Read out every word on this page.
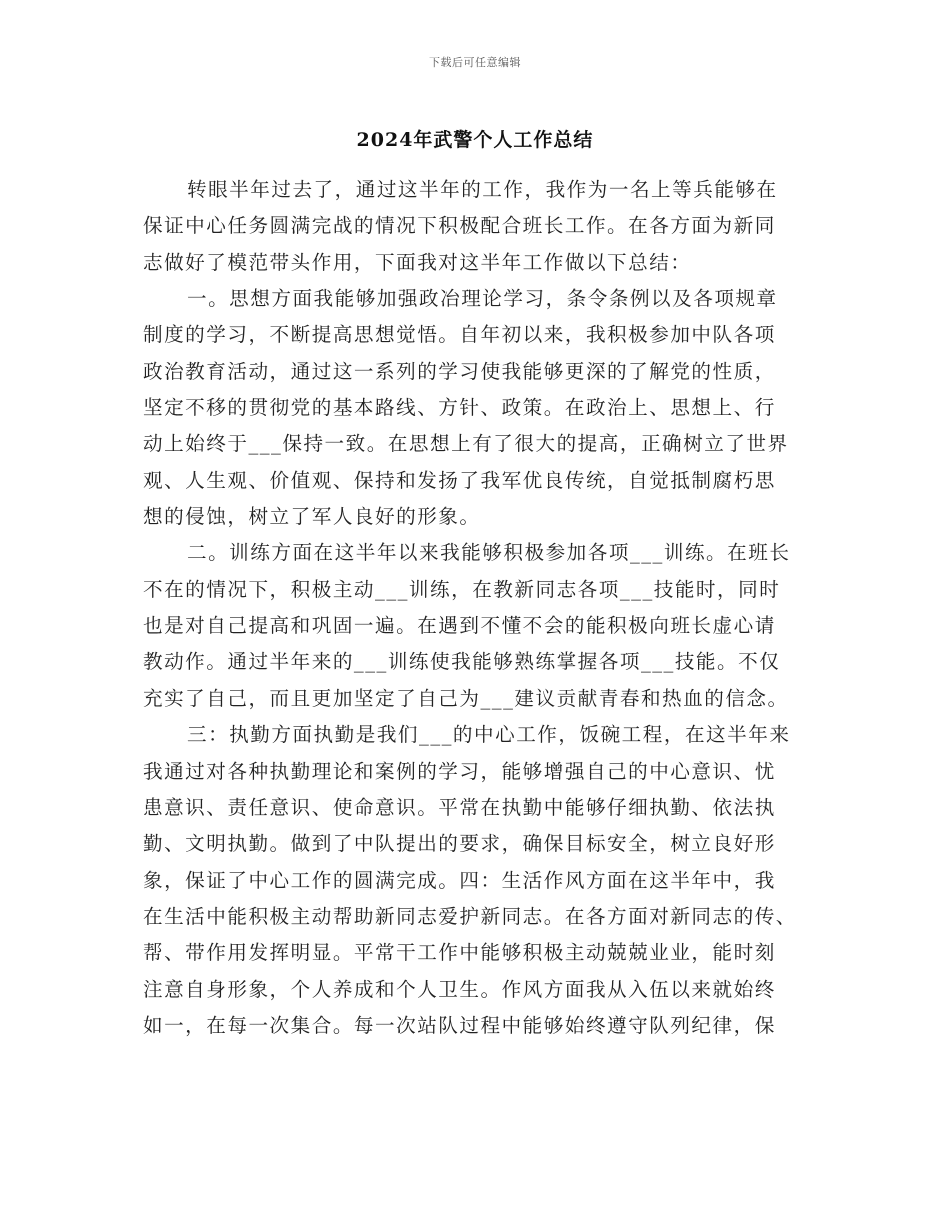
下载后可任意编辑
2024年武警个人工作总结
转眼半年过去了，通过这半年的工作，我作为一名上等兵能够在
保证中心任务圆满完战的情况下积极配合班长工作。在各方面为新同
志做好了模范带头作用，下面我对这半年工作做以下总结：
一。思想方面我能够加强政冶理论学习，条令条例以及各项规章
制度的学习，不断提高思想觉悟。自年初以来，我积极参加中队各项
政治教育活动，通过这一系列的学习使我能够更深的了解党的性质，
坚定不移的贯彻党的基本路线、方针、政策。在政治上、思想上、行
动上始终于___保持一致。在思想上有了很大的提高，正确树立了世界
观、人生观、价值观、保持和发扬了我军优良传统，自觉抵制腐朽思
想的侵蚀，树立了军人良好的形象。
二。训练方面在这半年以来我能够积极参加各项___训练。在班长
不在的情况下，积极主动___训练，在教新同志各项___技能时，同时
也是对自己提高和巩固一遍。在遇到不懂不会的能积极向班长虚心请
教动作。通过半年来的___训练使我能够熟练掌握各项___技能。不仅
充实了自己，而且更加坚定了自己为___建议贡献青春和热血的信念。
三：执勤方面执勤是我们___的中心工作，饭碗工程，在这半年来
我通过对各种执勤理论和案例的学习，能够增强自己的中心意识、忧
患意识、责任意识、使命意识。平常在执勤中能够仔细执勤、依法执
勤、文明执勤。做到了中队提出的要求，确保目标安全，树立良好形
象，保证了中心工作的圆满完成。四：生活作风方面在这半年中，我
在生活中能积极主动帮助新同志爱护新同志。在各方面对新同志的传、
帮、带作用发挥明显。平常干工作中能够积极主动兢兢业业，能时刻
注意自身形象，个人养成和个人卫生。作风方面我从入伍以来就始终
如一，在每一次集合。每一次站队过程中能够始终遵守队列纪律，保
